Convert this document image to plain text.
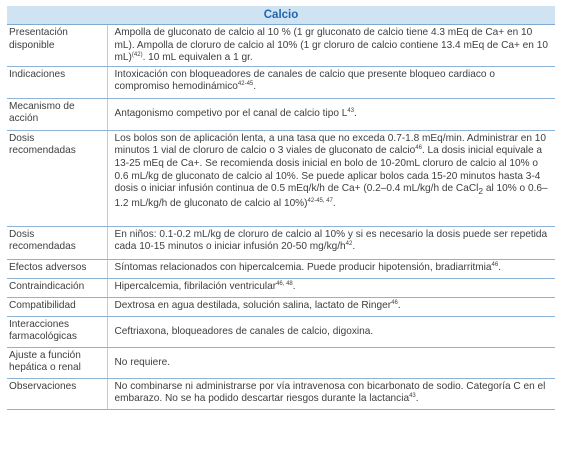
Calcio	
Presentación disponible	Ampolla de gluconato de calcio al 10 % (1 gr gluconato de calcio tiene 4.3 mEq de Ca+ en 10 mL). Ampolla de cloruro de calcio al 10% (1 gr cloruro de calcio contiene 13.4 mEq de Ca+ en 10 mL)$^{(42)}$. 10 mL equivalen a 1 gr.
Indicaciones	Intoxicación con bloqueadores de canales de calcio que presente bloqueo cardiaco o compromiso hemodinámico$^{42-45}$.
Mecanismo de acción	Antagonismo competivo por el canal de calcio tipo $L^{43}$.
Dosis recomendadas	Los bolos son de aplicación lenta, a una tasa que no exceda 0.7-1.8 mEq/min. Administrar en 10 minutos 1 vial de cloruro de calcio o 3 viales de gluconato de calcio$^{46}$. La dosis inicial equivale a 13-25 mEq de Ca+. Se recomienda dosis inicial en bolo de 10-20mL cloruro de calcio al 10% o 0.6 mL/kg de gluconato de calcio al 10%. Se puede aplicar bolos cada 15-20 minutos hasta 3-4 dosis o iniciar infusión continua de 0.5 mEq/k/h de Ca+ (0.2–0.4 mL/kg/h de CaCl$_2$ al 10% o 0.6–1.2 mL/kg/h de gluconato de calcio al 10%)$^{42-45, 47}$.
Dosis recomendadas	En niños: 0.1-0.2 mL/kg de cloruro de calcio al 10% y si es necesario la dosis puede ser repetida cada 10-15 minutos o iniciar infusión 20-50 $mg/kg/h^{42}$.
Efectos adversos	Síntomas relacionados con hipercalcemia. Puede producir hipotensión, bradiarritmia$^{46}$.
Contraindicación	Hipercalcemia, fibrilación ventricular$^{46, 48}$.
Compatibilidad	Dextrosa en agua destilada, solución salina, lactato de Ringer$^{46}$.
Interacciones farmacológicas	Ceftriaxona, bloqueadores de canales de calcio, digoxina.
Ajuste a función hepática o renal	No requiere.
Observaciones	No combinarse ni administrarse por vía intravenosa con bicarbonato de sodio. Categoría C en el embarazo. No se ha podido descartar riesgos durante la lactancia$^{43}$.
